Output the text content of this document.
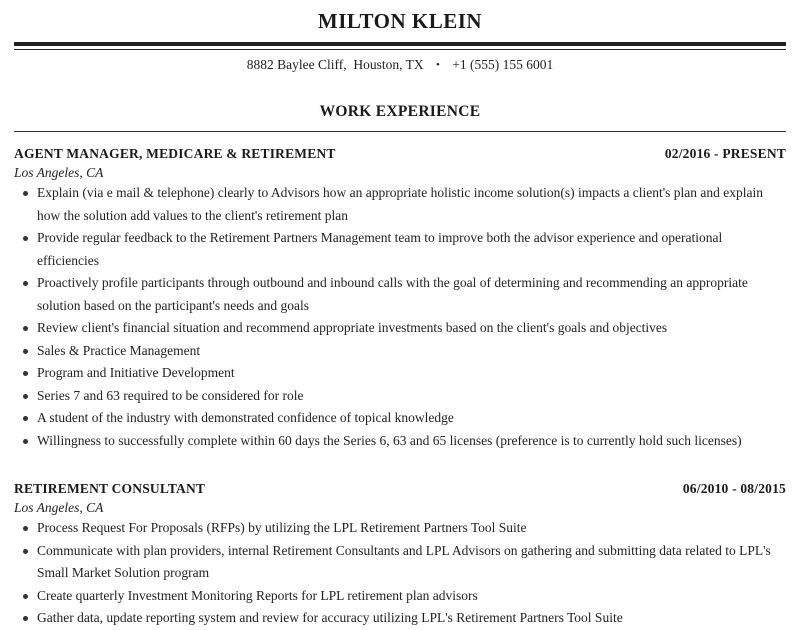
MILTON KLEIN
8882 Baylee Cliff, Houston, TX • +1 (555) 155 6001
WORK EXPERIENCE
AGENT MANAGER, MEDICARE & RETIREMENT	02/2016 - PRESENT
Los Angeles, CA
Explain (via e mail & telephone) clearly to Advisors how an appropriate holistic income solution(s) impacts a client's plan and explain how the solution add values to the client's retirement plan
Provide regular feedback to the Retirement Partners Management team to improve both the advisor experience and operational efficiencies
Proactively profile participants through outbound and inbound calls with the goal of determining and recommending an appropriate solution based on the participant's needs and goals
Review client's financial situation and recommend appropriate investments based on the client's goals and objectives
Sales & Practice Management
Program and Initiative Development
Series 7 and 63 required to be considered for role
A student of the industry with demonstrated confidence of topical knowledge
Willingness to successfully complete within 60 days the Series 6, 63 and 65 licenses (preference is to currently hold such licenses)
RETIREMENT CONSULTANT	06/2010 - 08/2015
Los Angeles, CA
Process Request For Proposals (RFPs) by utilizing the LPL Retirement Partners Tool Suite
Communicate with plan providers, internal Retirement Consultants and LPL Advisors on gathering and submitting data related to LPL's Small Market Solution program
Create quarterly Investment Monitoring Reports for LPL retirement plan advisors
Gather data, update reporting system and review for accuracy utilizing LPL's Retirement Partners Tool Suite
